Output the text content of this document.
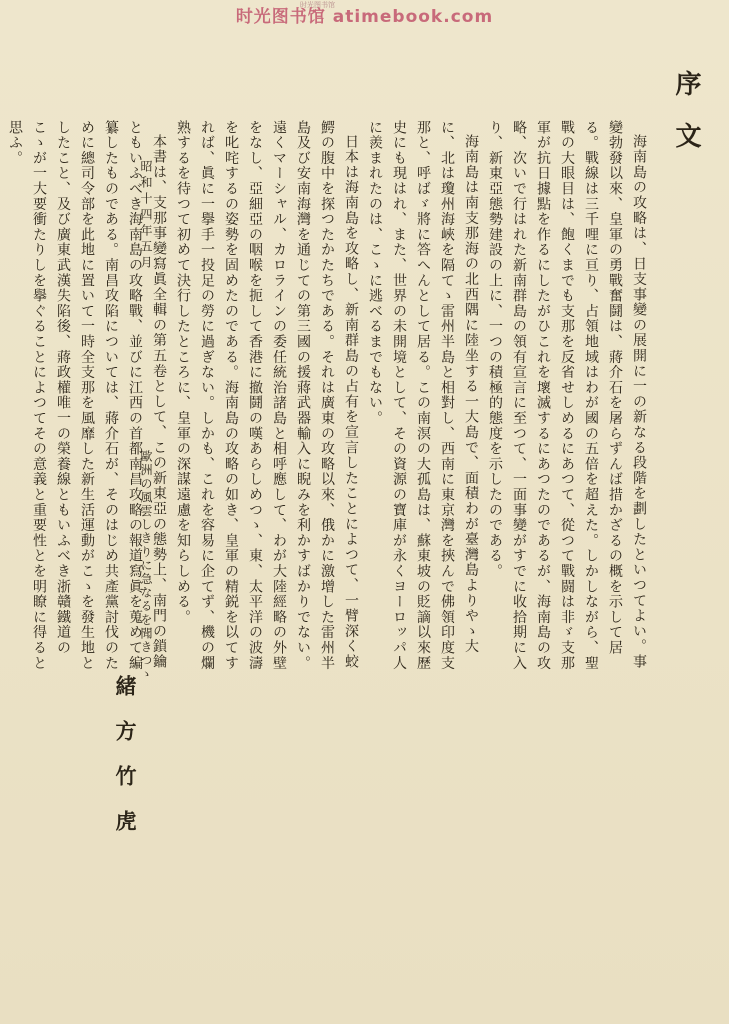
时光图书馆 atimebook.com
时光图书馆
序文
海南島の攻略は、日支事變の展開に一の新なる段階を劃したといつてよい。事變勃發以來、皇軍の勇戰奮鬪は、蔣介石を屠らずんば措かざるの概を示して居る。戰線は三千哩に亘り、占領地域はわが國の五倍を超えた。しかしながら、聖戰の大眼目は、飽くまでも支那を反省せしめるにあつて、從つて戰闘は非ゞ支那軍が抗日據點を作るにしたがひこれを壞滅するにあつたのであるが、海南島の攻略、次いで行はれた新南群島の領有宣言に至つて、一面事變がすでに收拾期に入り、新東亞態勢建設の上に、一つの積極的態度を示したのである。
海南島は南支那海の北西隅に陸坐する一大島で、面積わが臺灣島よりやゝ大に、北は瓊州海峽を隔てゝ雷州半島と相對し、西南に東京灣を挾んで佛領印度支那と、呼ばゞ將に答へんとして居る。この南溟の大孤島は、蘇東坡の貶謫以來歷史にも現はれ、また、世界の未開境として、その資源の寶庫が永くヨーロッパ人に羨まれたのは、こゝに逃べるまでもない。
日本は海南島を攻略し、新南群島の占有を宣言したことによつて、一臂深く蛟鰐の腹中を探つたかたちである。それは廣東の攻略以來、俄かに激增した雷州半島及び安南海灣を通じての第三國の援蔣武器輸入に睨みを利かすばかりでない。遠くマーシャル、カロラインの委任統治諸島と相呼應して、わが大陸經略の外壁をなし、亞細亞の咽喉を扼して香港に撤鬪の嘆あらしめつゝ、東、太平洋の波濤を叱咤するの姿勢を固めたのである。海南島の攻略の如き、皇軍の精鋭を以てすれば、眞に一擧手一投足の勞に過ぎない。しかも、これを容易に企てず、機の爛熟するを待つて初めて決行したところに、皇軍の深謀遠慮を知らしめる。
本書は、支那事變寫眞全輯の第五卷として、この新東亞の態勢上、南門の鎖鑰ともいふべき海南島の攻略戰、並びに江西の首都南昌攻略の報道寫眞を蒐めて編纂したものである。南昌攻陷については、蔣介石が、そのはじめ共產黨討伐のために總司令部を此地に置いて一時全支那を風靡した新生活運動がこゝを發生地としたこと、及び廣東武漢失陷後、蔣政權唯一の榮養線ともいふべき浙贛鐵道のこゝが一大要衝たりしを擧ぐることによつてその意義と重要性とを明瞭に得ると思ふ。
昭和十四年五月
歐洲の風雲しきりに急なるを聞きつゝ
緒方竹虎
